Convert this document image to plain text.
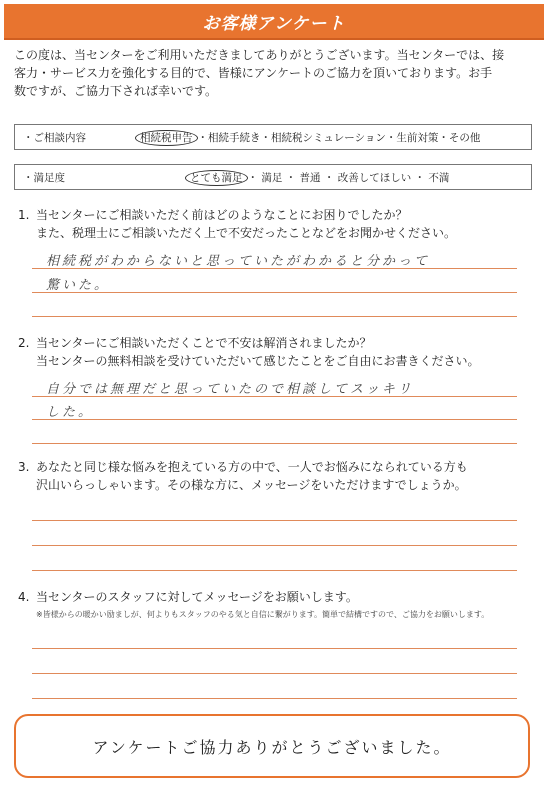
お客様アンケート
この度は、当センターをご利用いただきましてありがとうございます。当センターでは、接
客力・サービス力を強化する目的で、皆様にアンケートのご協力を頂いております。お手
数ですが、ご協力下されば幸いです。
・ご相談内容	相続税申告 ・相続手続き・相続税シミュレーション・生前対策・その他
・満足度	とても満足 ・ 満足 ・ 普通 ・ 改善してほしい ・ 不満
1. 当センターにご相談いただく前はどのようなことにお困りでしたか？
また、税理士にご相談いただく上で不安だったことなどをお聞かせください。
相続税がわからないと思っていたがわかると分かって
驚いた。
2. 当センターにご相談いただくことで不安は解消されましたか？
当センターの無料相談を受けていただいて感じたことをご自由にお書きください。
自分では無理だと思っていたので相談してスッキリ
した。
3. あなたと同じ様な悩みを抱えている方の中で、一人でお悩みになられている方も
沢山いらっしゃいます。その様な方に、メッセージをいただけますでしょうか。
4. 当センターのスタッフに対してメッセージをお願いします。
※皆様からの暖かい励ましが、何よりもスタッフのやる気と自信に繋がります。簡単で結構ですので、ご協力をお願いします。
アンケートご協力ありがとうございました。
